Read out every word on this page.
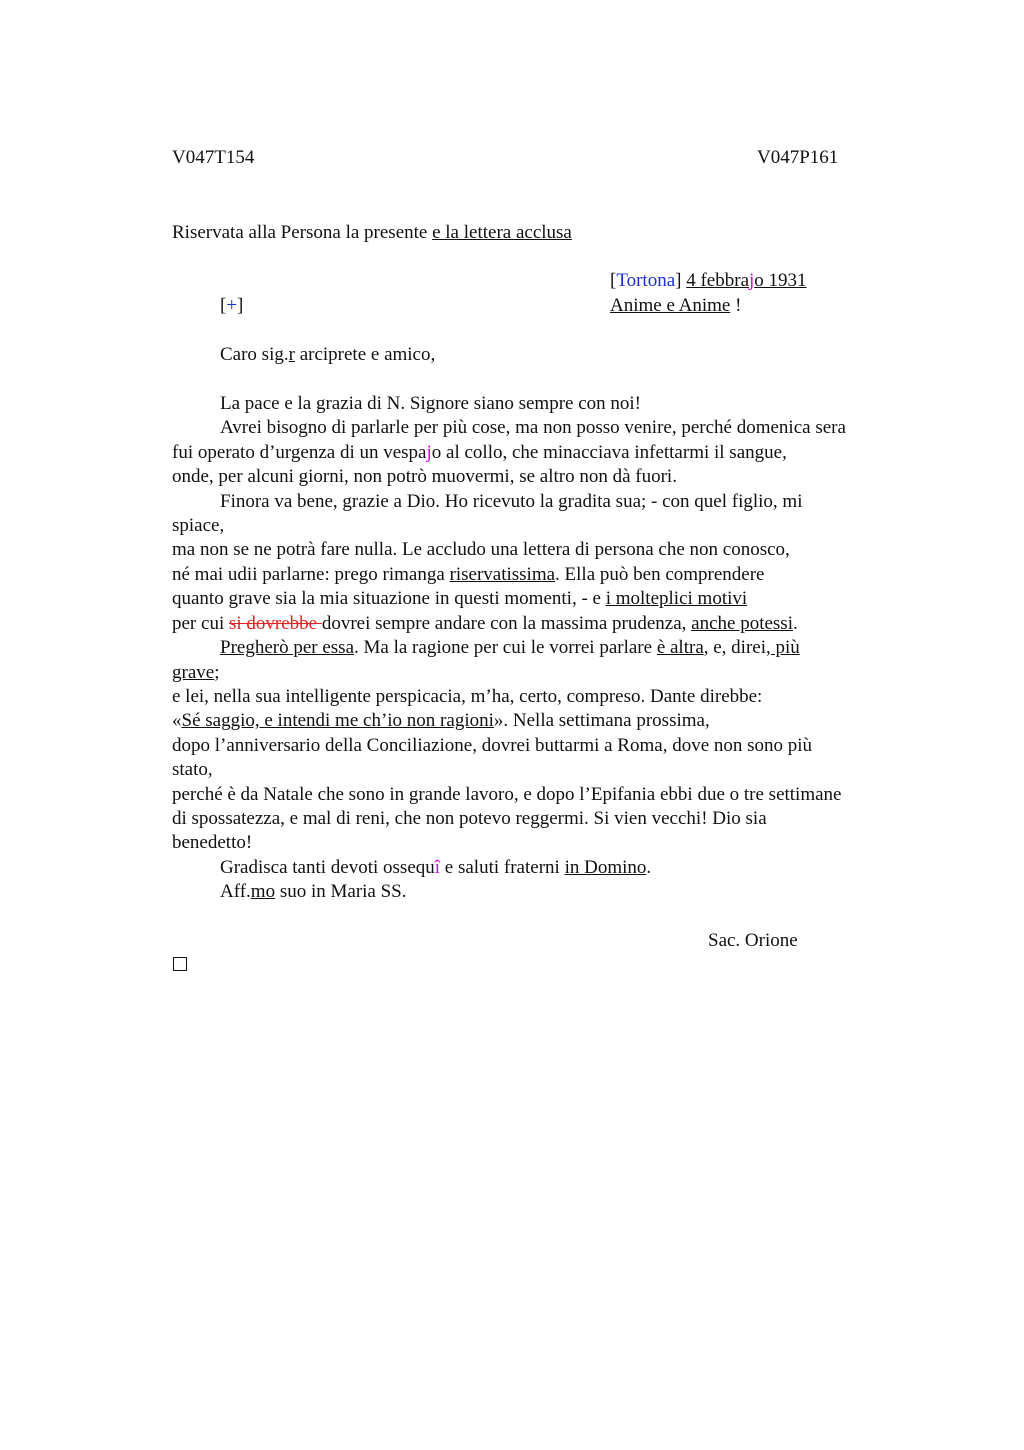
V047T154	V047P161
Riservata alla Persona la presente e la lettera acclusa
[Tortona] 4 febbrajo 1931
[+]	Anime e Anime !
Caro sig.r arciprete e amico,
La pace e la grazia di N. Signore siano sempre con noi!
Avrei bisogno di parlarle per più cose, ma non posso venire, perché domenica sera
fui operato d’urgenza di un vespajo al collo, che minacciava infettarmi il sangue,
onde, per alcuni giorni, non potrò muovermi, se altro non dà fuori.
Finora va bene, grazie a Dio. Ho ricevuto la gradita sua; - con quel figlio, mi
spiace,
ma non se ne potrà fare nulla. Le accludo una lettera di persona che non conosco,
né mai udii parlarne: prego rimanga riservatissima. Ella può ben comprendere
quanto grave sia la mia situazione in questi momenti, - e i molteplici motivi
per cui si dovrebbe dovrei sempre andare con la massima prudenza, anche potessi.
Pregherò per essa. Ma la ragione per cui le vorrei parlare è altra, e, direi, più
grave;
e lei, nella sua intelligente perspicacia, m’ha, certo, compreso. Dante direbbe:
«Sé saggio, e intendi me ch’io non ragioni». Nella settimana prossima,
dopo l’anniversario della Conciliazione, dovrei buttarmi a Roma, dove non sono più
stato,
perché è da Natale che sono in grande lavoro, e dopo l’Epifania ebbi due o tre settimane
di spossatezza, e mal di reni, che non potevo reggermi. Si vien vecchi! Dio sia
benedetto!
Gradisca tanti devoti ossequî e saluti fraterni in Domino.
Aff.mo suo in Maria SS.
Sac. Orione
